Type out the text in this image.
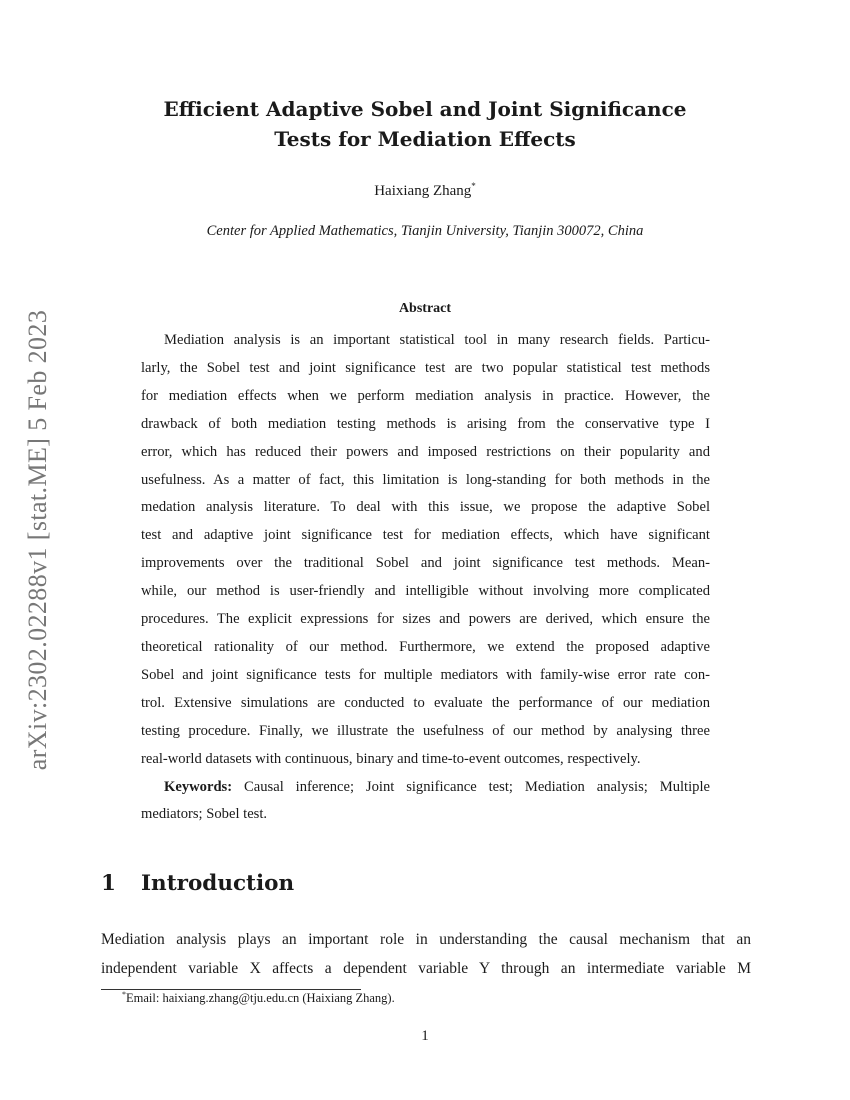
arXiv:2302.02288v1 [stat.ME] 5 Feb 2023
Efficient Adaptive Sobel and Joint Significance
Tests for Mediation Effects
Haixiang Zhang*
Center for Applied Mathematics, Tianjin University, Tianjin 300072, China
Abstract
Mediation analysis is an important statistical tool in many research fields. Particu-
larly, the Sobel test and joint significance test are two popular statistical test methods
for mediation effects when we perform mediation analysis in practice. However, the
drawback of both mediation testing methods is arising from the conservative type I
error, which has reduced their powers and imposed restrictions on their popularity and
usefulness. As a matter of fact, this limitation is long-standing for both methods in the
medation analysis literature. To deal with this issue, we propose the adaptive Sobel
test and adaptive joint significance test for mediation effects, which have significant
improvements over the traditional Sobel and joint significance test methods. Mean-
while, our method is user-friendly and intelligible without involving more complicated
procedures. The explicit expressions for sizes and powers are derived, which ensure the
theoretical rationality of our method. Furthermore, we extend the proposed adaptive
Sobel and joint significance tests for multiple mediators with family-wise error rate con-
trol. Extensive simulations are conducted to evaluate the performance of our mediation
testing procedure. Finally, we illustrate the usefulness of our method by analysing three
real-world datasets with continuous, binary and time-to-event outcomes, respectively.
Keywords: Causal inference; Joint significance test; Mediation analysis; Multiple
mediators; Sobel test.
1 Introduction
Mediation analysis plays an important role in understanding the causal mechanism that an
independent variable X affects a dependent variable Y through an intermediate variable M
*Email: haixiang.zhang@tju.edu.cn (Haixiang Zhang).
1
